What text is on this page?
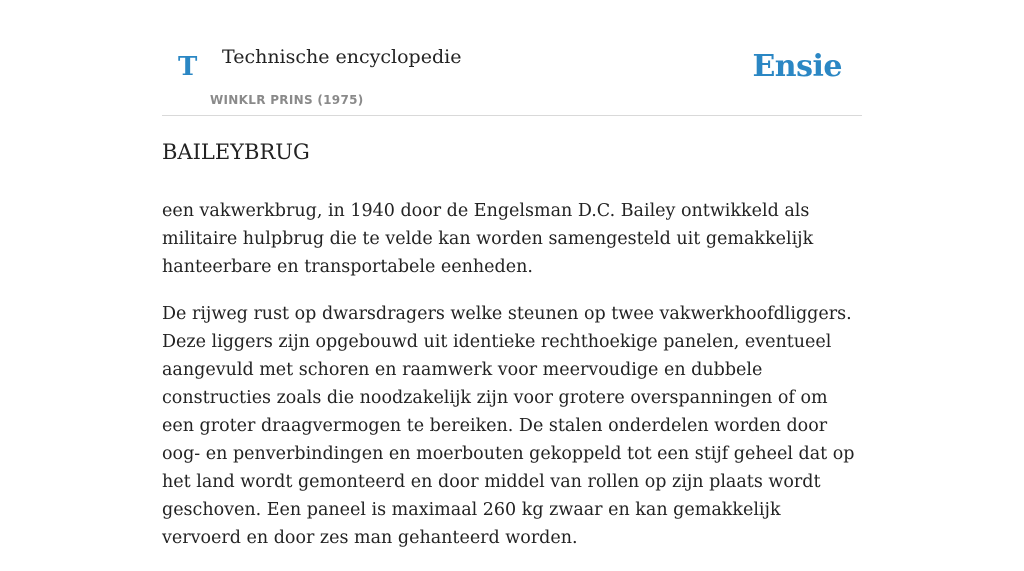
T Technische encyclopedie
WINKLR PRINS (1975)
Ensie
BAILEYBRUG

een vakwerkbrug, in 1940 door de Engelsman D.C. Bailey ontwikkeld als militaire hulpbrug die te velde kan worden samengesteld uit gemakkelijk hanteerbare en transportabele eenheden.

De rijweg rust op dwarsdragers welke steunen op twee vakwerkhoofdliggers. Deze liggers zijn opgebouwd uit identieke rechthoekige panelen, eventueel aangevuld met schoren en raamwerk voor meervoudige en dubbele constructies zoals die noodzakelijk zijn voor grotere overspanningen of om een groter draagvermogen te bereiken. De stalen onderdelen worden door oog- en penverbindingen en moerbouten gekoppeld tot een stijf geheel dat op het land wordt gemonteerd en door middel van rollen op zijn plaats wordt geschoven. Een paneel is maximaal 260 kg zwaar en kan gemakkelijk vervoerd en door zes man gehanteerd worden.
